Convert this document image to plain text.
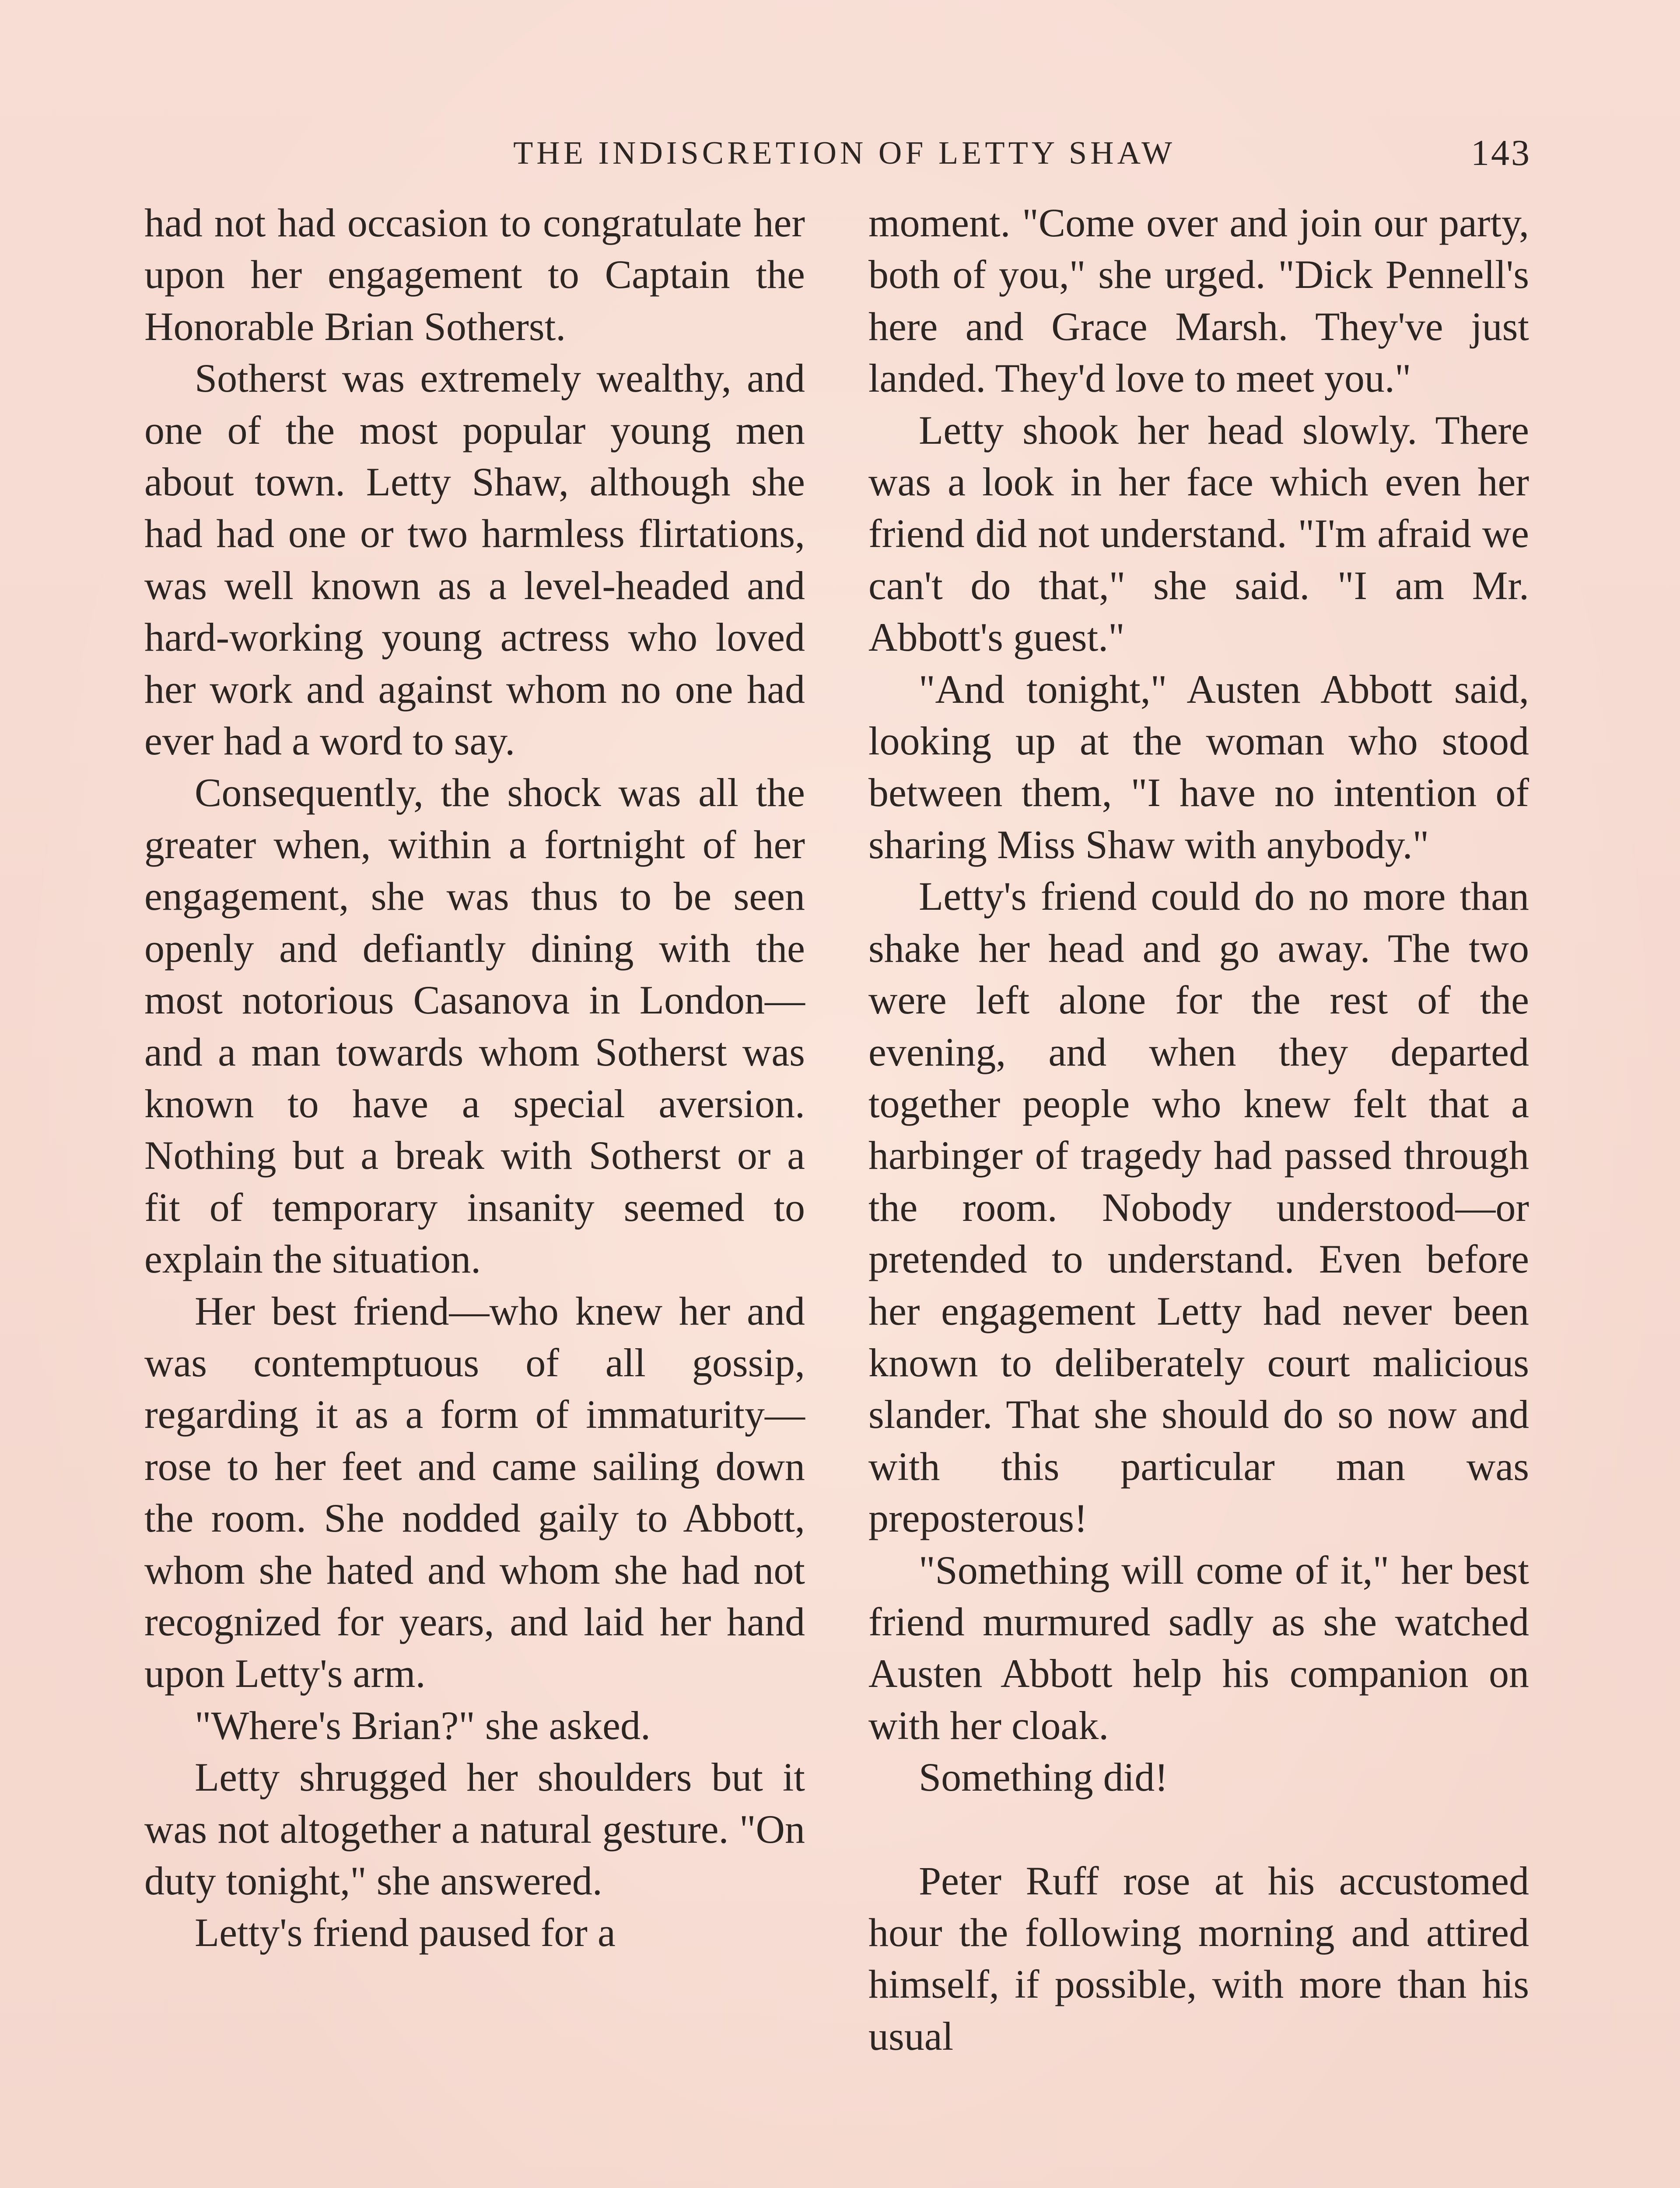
THE INDISCRETION OF LETTY SHAW	143

had not had occasion to congratulate her upon her engagement to Captain the Honorable Brian Sotherst.

Sotherst was extremely wealthy, and one of the most popular young men about town. Letty Shaw, although she had had one or two harmless flirtations, was well known as a level-headed and hard-working young actress who loved her work and against whom no one had ever had a word to say.

Consequently, the shock was all the greater when, within a fortnight of her engagement, she was thus to be seen openly and defiantly dining with the most notorious Casanova in London—and a man towards whom Sotherst was known to have a special aversion. Nothing but a break with Sotherst or a fit of temporary insanity seemed to explain the situation.

Her best friend—who knew her and was contemptuous of all gossip, regarding it as a form of immaturity—rose to her feet and came sailing down the room. She nodded gaily to Abbott, whom she hated and whom she had not recognized for years, and laid her hand upon Letty's arm.

"Where's Brian?" she asked.

Letty shrugged her shoulders but it was not altogether a natural gesture. "On duty tonight," she answered.

Letty's friend paused for a

moment. "Come over and join our party, both of you," she urged. "Dick Pennell's here and Grace Marsh. They've just landed. They'd love to meet you."

Letty shook her head slowly. There was a look in her face which even her friend did not understand. "I'm afraid we can't do that," she said. "I am Mr. Abbott's guest."

"And tonight," Austen Abbott said, looking up at the woman who stood between them, "I have no intention of sharing Miss Shaw with anybody."

Letty's friend could do no more than shake her head and go away. The two were left alone for the rest of the evening, and when they departed together people who knew felt that a harbinger of tragedy had passed through the room. Nobody understood—or pretended to understand. Even before her engagement Letty had never been known to deliberately court malicious slander. That she should do so now and with this particular man was preposterous!

"Something will come of it," her best friend murmured sadly as she watched Austen Abbott help his companion on with her cloak.

Something did!

Peter Ruff rose at his accustomed hour the following morning and attired himself, if possible, with more than his usual
